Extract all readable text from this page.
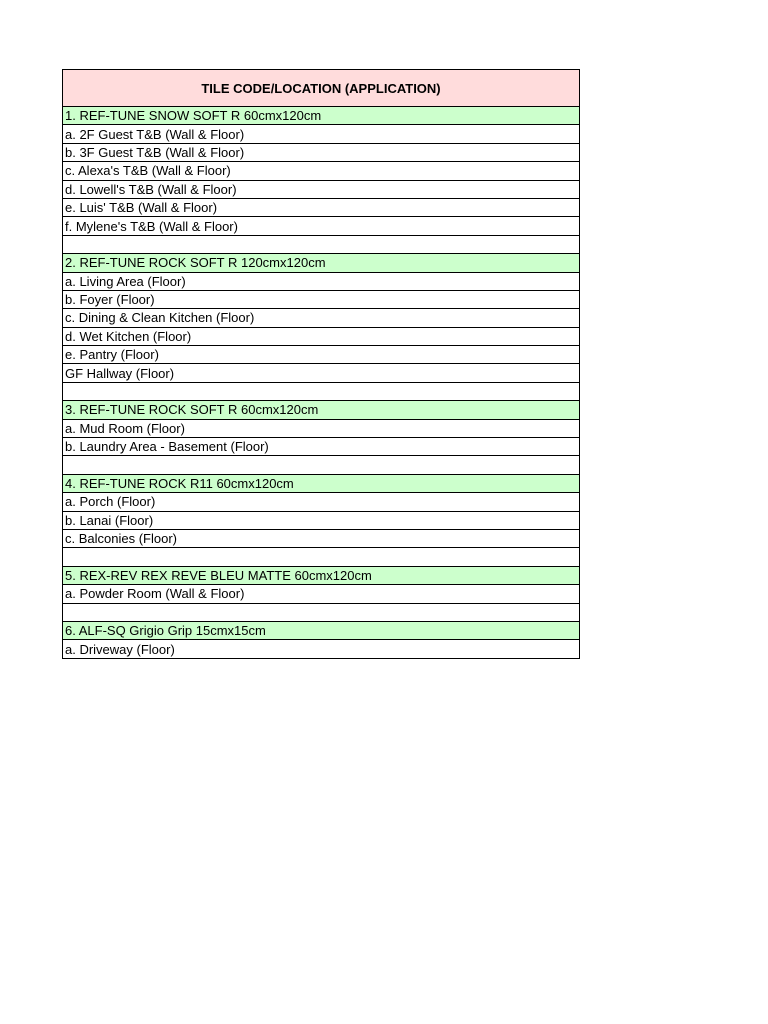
TILE CODE/LOCATION (APPLICATION)
1. REF-TUNE SNOW SOFT R 60cmx120cm
a. 2F Guest T&B (Wall & Floor)
b. 3F Guest T&B (Wall & Floor)
c. Alexa's T&B (Wall & Floor)
d. Lowell's T&B (Wall & Floor)
e. Luis' T&B (Wall & Floor)
f. Mylene's T&B (Wall & Floor)

2. REF-TUNE ROCK SOFT R 120cmx120cm
a. Living Area (Floor)
b. Foyer (Floor)
c. Dining & Clean Kitchen (Floor)
d. Wet Kitchen (Floor)
e. Pantry (Floor)
GF Hallway (Floor)

3. REF-TUNE ROCK SOFT R 60cmx120cm
a. Mud Room (Floor)
b. Laundry Area - Basement (Floor)

4. REF-TUNE ROCK R11 60cmx120cm
a. Porch (Floor)
b. Lanai (Floor)
c. Balconies (Floor)

5. REX-REV REX REVE BLEU MATTE 60cmx120cm
a. Powder Room (Wall & Floor)

6. ALF-SQ Grigio Grip 15cmx15cm
a. Driveway (Floor)
